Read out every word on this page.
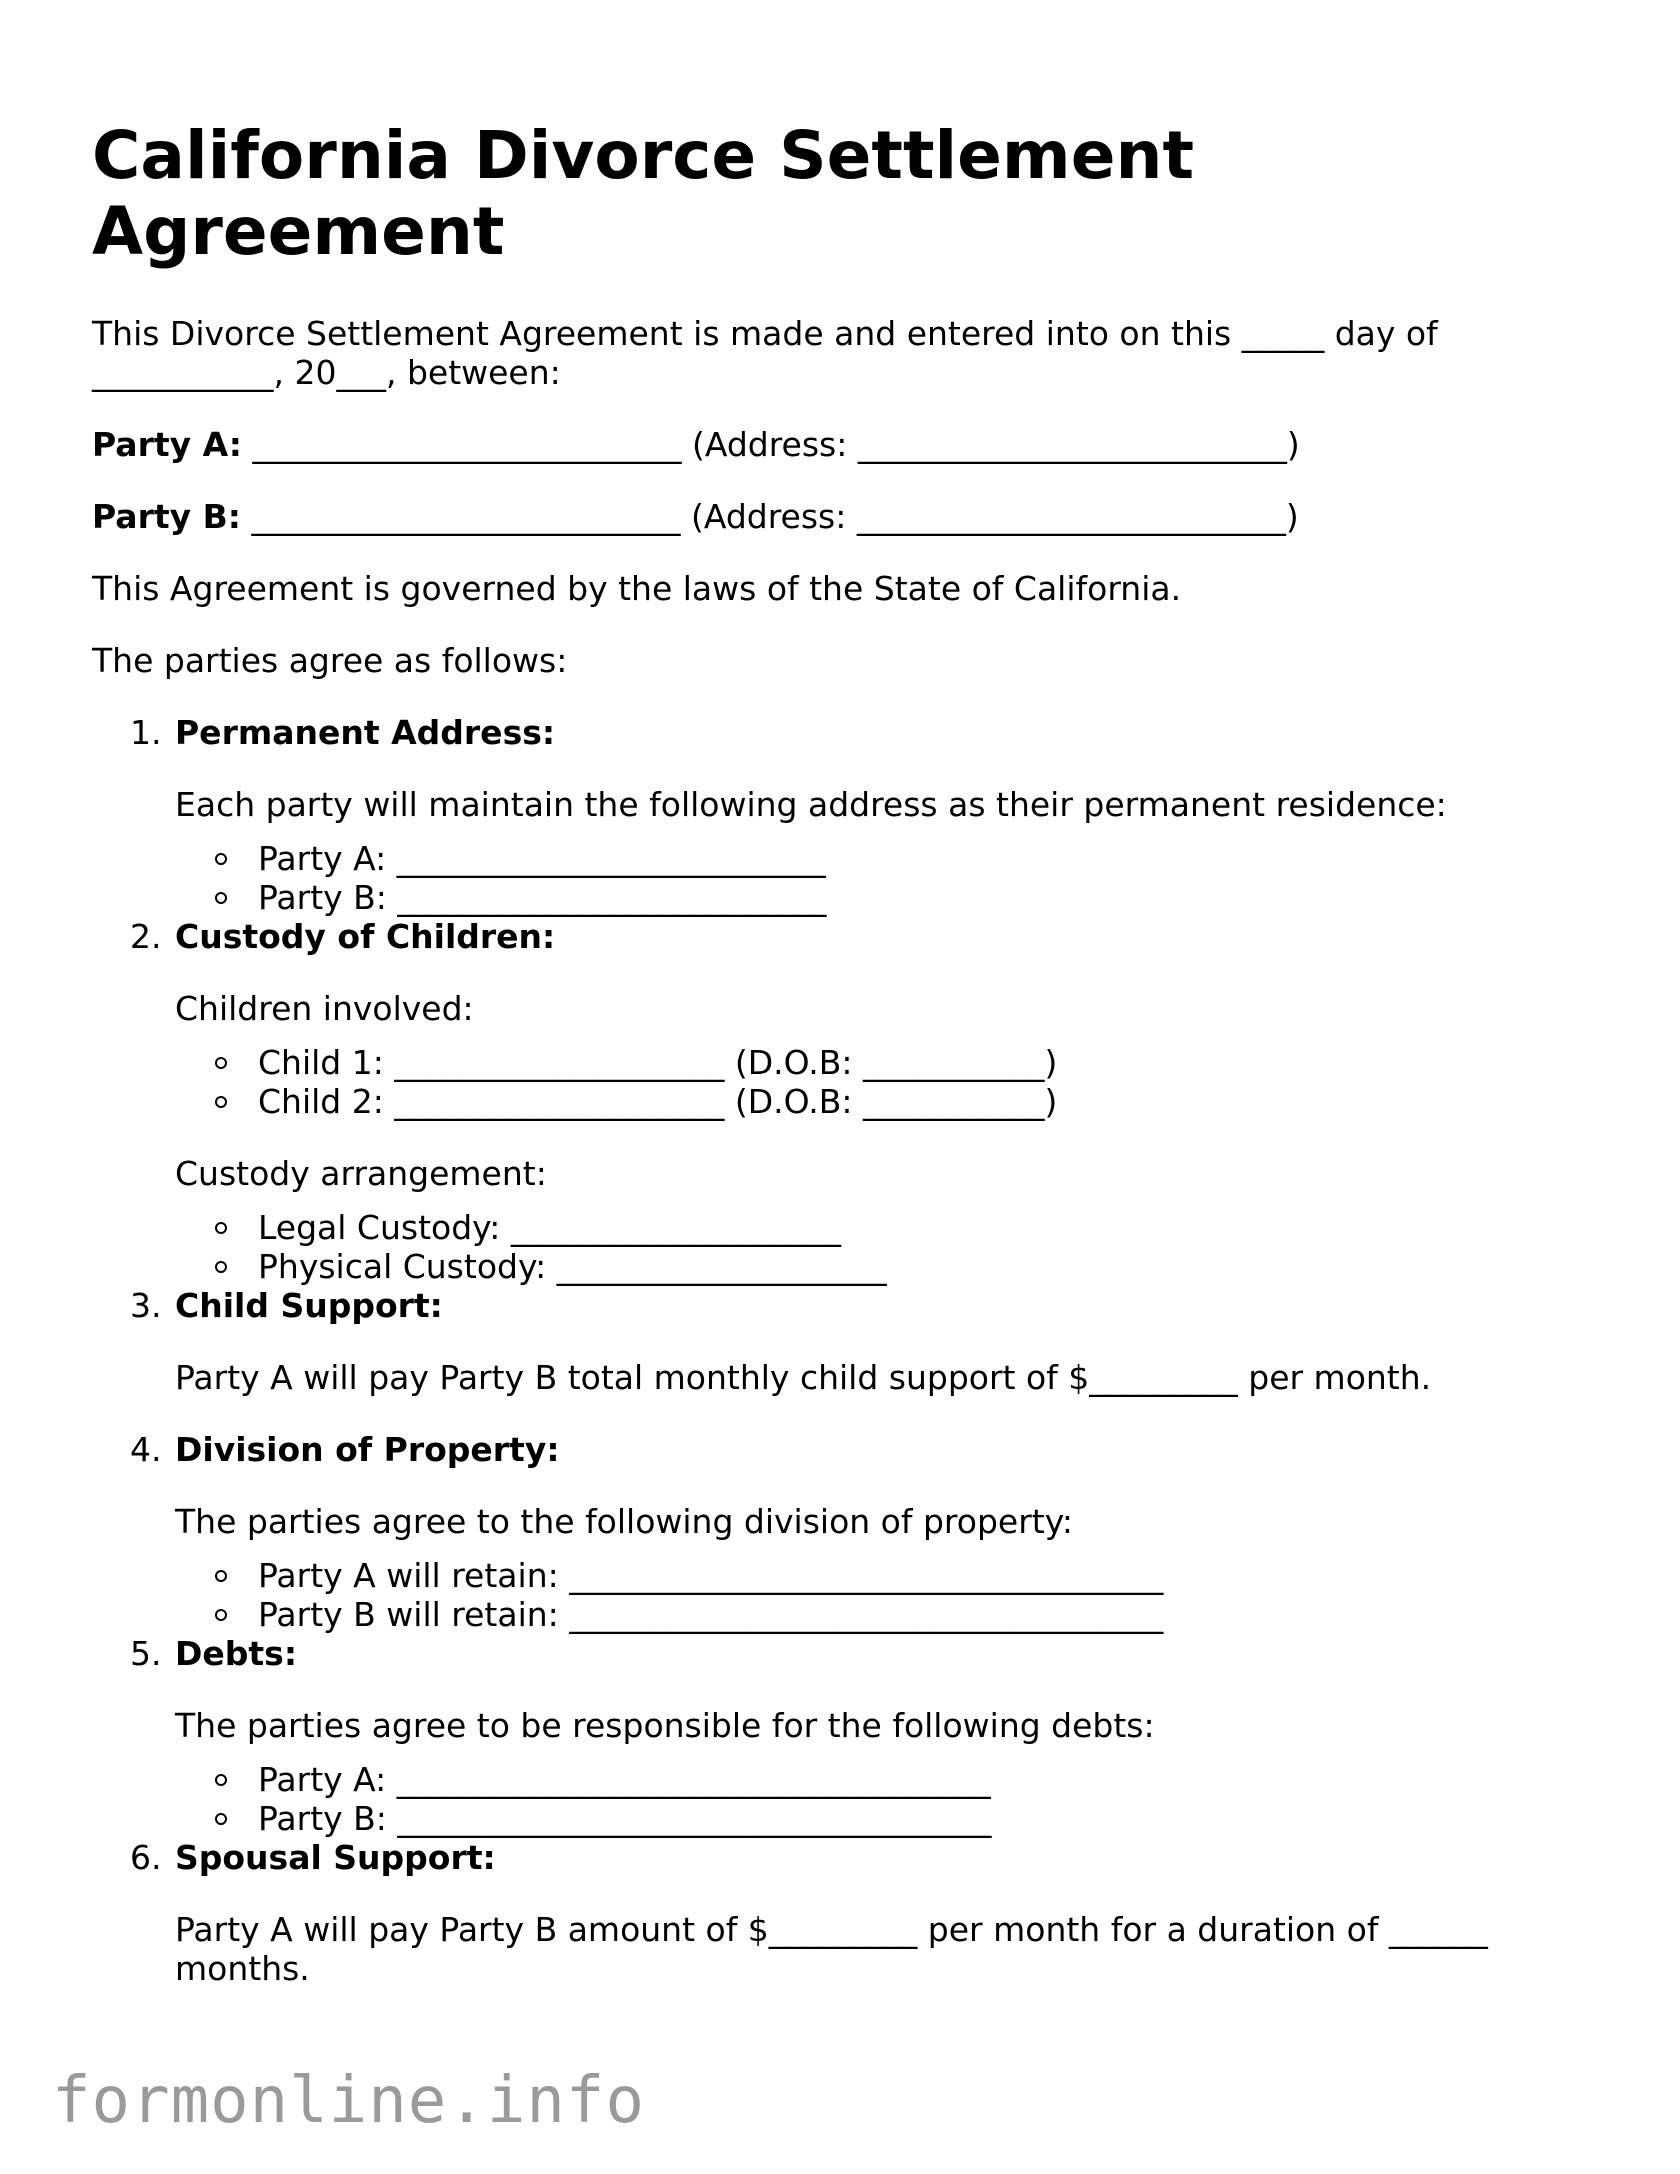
California Divorce Settlement Agreement
This Divorce Settlement Agreement is made and entered into on this _____ day of
___________, 20___, between:
Party A: __________________________ (Address: __________________________)
Party B: __________________________ (Address: __________________________)
This Agreement is governed by the laws of the State of California.
The parties agree as follows:
1. Permanent Address:
Each party will maintain the following address as their permanent residence:
Party A: __________________________
Party B: __________________________
2. Custody of Children:
Children involved:
Child 1: ____________________ (D.O.B: ___________)
Child 2: ____________________ (D.O.B: ___________)
Custody arrangement:
Legal Custody: ____________________
Physical Custody: ____________________
3. Child Support:
Party A will pay Party B total monthly child support of $_________ per month.
4. Division of Property:
The parties agree to the following division of property:
Party A will retain: ____________________________________
Party B will retain: ____________________________________
5. Debts:
The parties agree to be responsible for the following debts:
Party A: ____________________________________
Party B: ____________________________________
6. Spousal Support:
Party A will pay Party B amount of $_________ per month for a duration of ______
months.
formonline.info
